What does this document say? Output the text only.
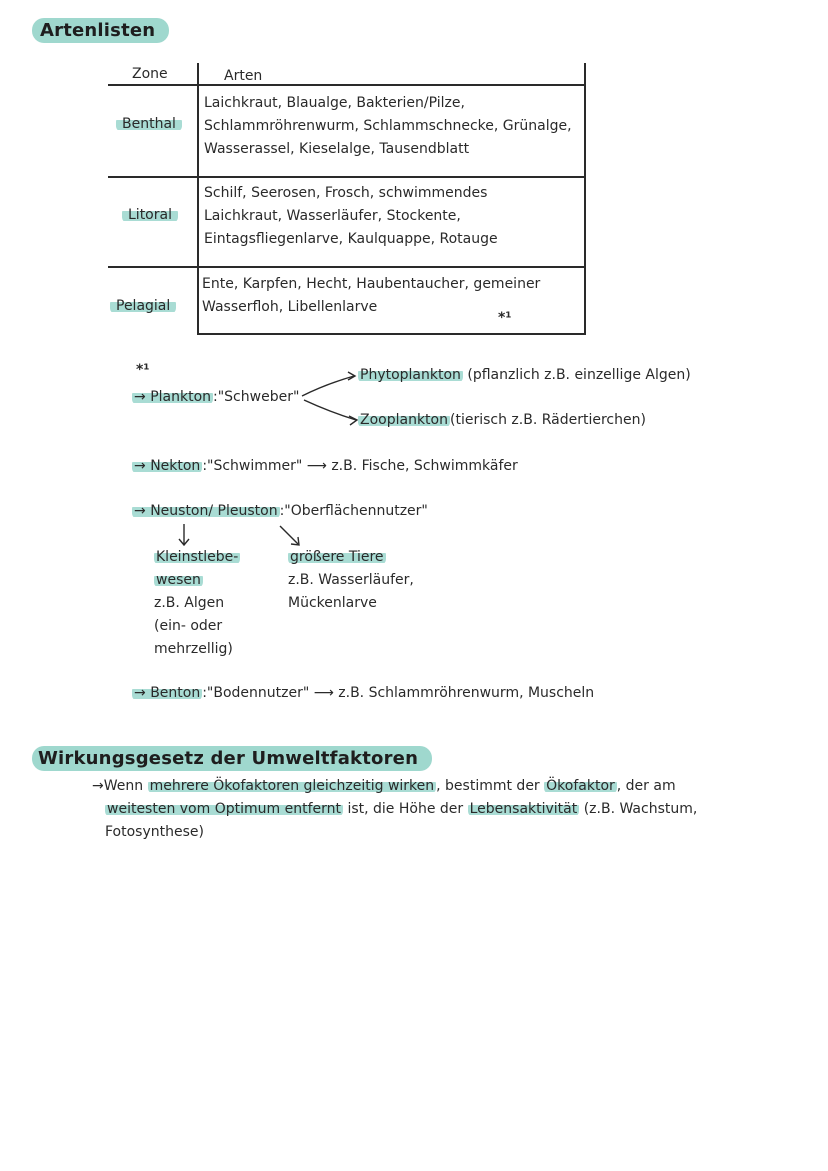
Artenlisten
Zone	Arten
Benthal
Laichkraut, Blaualge, Bakterien/Pilze,
Schlammröhrenwurm, Schlammschnecke, Grünalge,
Wasserassel, Kieselalge, Tausendblatt
Litoral
Schilf, Seerosen, Frosch, schwimmendes
Laichkraut, Wasserläufer, Stockente,
Eintagsfliegenlarve, Kaulquappe, Rotauge
Pelagial
Ente, Karpfen, Hecht, Haubentaucher, gemeiner
Wasserfloh, Libellenlarve
*¹
*¹
→ Plankton :"Schweber"
Phytoplankton (pflanzlich z.B. einzellige Algen)
Zooplankton (tierisch z.B. Rädertierchen)
→ Nekton :"Schwimmer" ⟶ z.B. Fische, Schwimmkäfer
→ Neuston/ Pleuston :"Oberflächennutzer"
Kleinstlebe-
wesen
z.B. Algen
(ein- oder
mehrzellig)
größere Tiere
z.B. Wasserläufer,
Mückenlarve
→ Benton :"Bodennutzer" ⟶ z.B. Schlammröhrenwurm, Muscheln
Wirkungsgesetz der Umweltfaktoren
→Wenn mehrere Ökofaktoren gleichzeitig wirken , bestimmt der Ökofaktor , der am
weitesten vom Optimum entfernt ist, die Höhe der Lebensaktivität (z.B. Wachstum,
Fotosynthese)
